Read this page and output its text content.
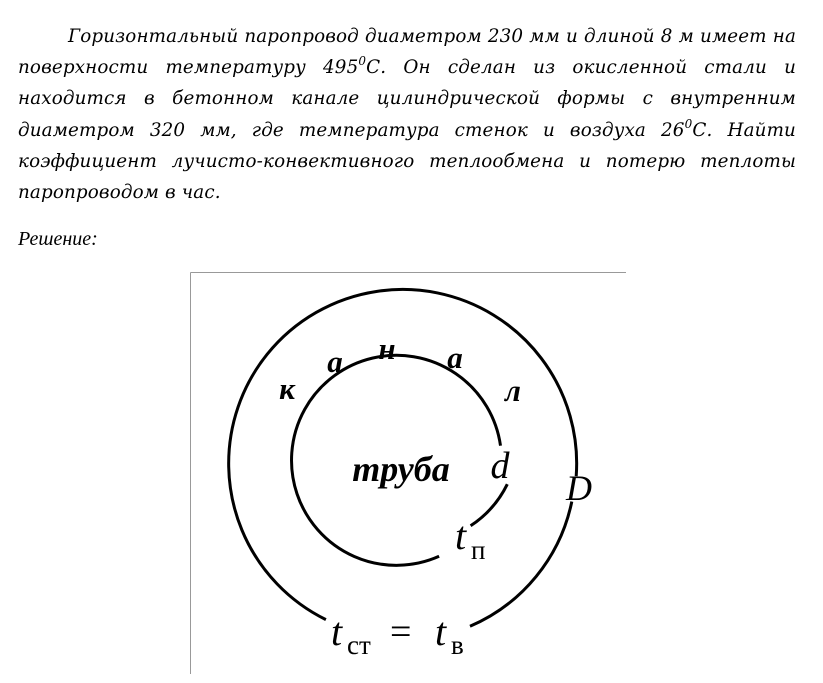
Горизонтальный паропровод диаметром 230 мм и длиной 8 м имеет на поверхности температуру $495^0С$. Он сделан из окисленной стали и находится в бетонном канале цилиндрической формы с внутренним диаметром 320 мм, где температура стенок и воздуха $26^0С$. Найти коэффициент лучисто-конвективного теплообмена и потерю теплоты паропроводом в час.

Решение:
к
а н а
л
труба d
D
t п
t ст = t в
